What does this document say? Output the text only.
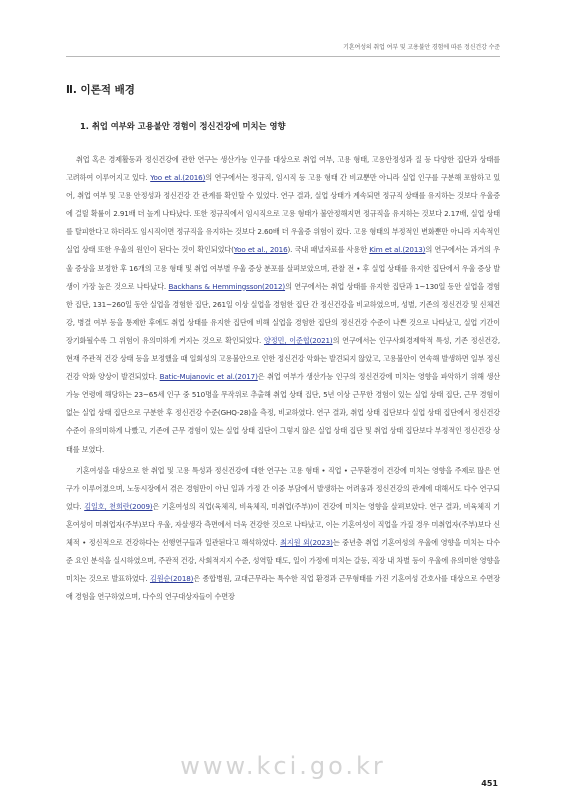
기혼여성의 취업 여부 및 고용불안 경험에 따른 정신건강 수준
Ⅱ. 이론적 배경
1. 취업 여부와 고용불안 경험이 정신건강에 미치는 영향

취업 혹은 경제활동과 정신건강에 관한 연구는 생산가능 인구를 대상으로 취업 여부, 고용 형태, 고용안정성과 질 등 다양한 집단과 상태를 고려하여 이루어지고 있다. Yoo et al.(2016)의 연구에서는 정규직, 임시직 등 고용 형태 간 비교뿐만 아니라 실업 인구를 구분해 포함하고 있어, 취업 여부 및 고용 안정성과 정신건강 간 관계를 확인할 수 있었다. 연구 결과, 실업 상태가 계속되면 정규직 상태를 유지하는 것보다 우울증에 걸릴 확률이 2.91배 더 높게 나타났다. 또한 정규직에서 임시직으로 고용 형태가 불안정해지면 정규직을 유지하는 것보다 2.17배, 실업 상태를 탈피한다고 하더라도 임시직이면 정규직을 유지하는 것보다 2.60배 더 우울증 위험이 컸다. 고용 형태의 부정적인 변화뿐만 아니라 지속적인 실업 상태 또한 우울의 원인이 된다는 것이 확인되었다(Yoo et al., 2016). 국내 패널자료를 사용한 Kim et al.(2013)의 연구에서는 과거의 우울 증상을 보정한 후 16개의 고용 형태 및 취업 여부별 우울 증상 분포를 살펴보았으며, 관찰 전 • 후 실업 상태를 유지한 집단에서 우울 증상 발생이 가장 높은 것으로 나타났다. Backhans & Hemmingsson(2012)의 연구에서는 취업 상태를 유지한 집단과 1~130일 동안 실업을 경험한 집단, 131~260일 동안 실업을 경험한 집단, 261일 이상 실업을 경험한 집단 간 정신건강을 비교하였으며, 성별, 기존의 정신건강 및 신체건강, 병결 여부 등을 통제한 후에도 취업 상태를 유지한 집단에 비해 실업을 경험한 집단의 정신건강 수준이 나쁜 것으로 나타났고, 실업 기간이 장기화될수록 그 위험이 유의미하게 커지는 것으로 확인되었다. 양정민, 이준협(2021)의 연구에서는 인구사회경제학적 특성, 기존 정신건강, 현재 주관적 건강 상태 등을 보정했을 때 일회성의 고용불안으로 인한 정신건강 악화는 발견되지 않았고, 고용불안이 연속해 발생하면 일부 정신건강 악화 양상이 발견되었다. Batic-Mujanovic et al.(2017)은 취업 여부가 생산가능 인구의 정신건강에 미치는 영향을 파악하기 위해 생산가능 연령에 해당하는 23~65세 인구 중 510명을 무작위로 추출해 취업 상태 집단, 5년 이상 근무한 경험이 있는 실업 상태 집단, 근무 경험이 없는 실업 상태 집단으로 구분한 후 정신건강 수준(GHQ-28)을 측정, 비교하였다. 연구 결과, 취업 상태 집단보다 실업 상태 집단에서 정신건강 수준이 유의미하게 나빴고, 기존에 근무 경험이 있는 실업 상태 집단이 그렇지 않은 실업 상태 집단 및 취업 상태 집단보다 부정적인 정신건강 상태를 보였다.

기혼여성을 대상으로 한 취업 및 고용 특성과 정신건강에 대한 연구는 고용 형태 • 직업 • 근무환경이 건강에 미치는 영향을 주제로 많은 연구가 이루어졌으며, 노동시장에서 겪은 경험만이 아닌 일과 가정 간 이중 부담에서 발생하는 어려움과 정신건강의 관계에 대해서도 다수 연구되었다. 김일호, 천희란(2009)은 기혼여성의 직업(육체직, 비육체직, 미취업(주부))이 건강에 미치는 영향을 살펴보았다. 연구 결과, 비육체직 기혼여성이 미취업자(주부)보다 우울, 자살생각 측면에서 더욱 건강한 것으로 나타났고, 이는 기혼여성이 직업을 가질 경우 미취업자(주부)보다 신체적 • 정신적으로 건강하다는 선행연구들과 일관된다고 해석하였다. 최지원 외(2023)는 중년층 취업 기혼여성의 우울에 영향을 미치는 다수준 요인 분석을 실시하였으며, 주관적 건강, 사회적지지 수준, 성역할 태도, 일이 가정에 미치는 갈등, 직장 내 차별 등이 우울에 유의미한 영향을 미치는 것으로 발표하였다. 김원순(2018)은 종합병원, 교대근무라는 특수한 직업 환경과 근무형태를 가진 기혼여성 간호사를 대상으로 수면장애 경험을 연구하였으며, 다수의 연구대상자들이 수면장

www.kci.go.kr
451
